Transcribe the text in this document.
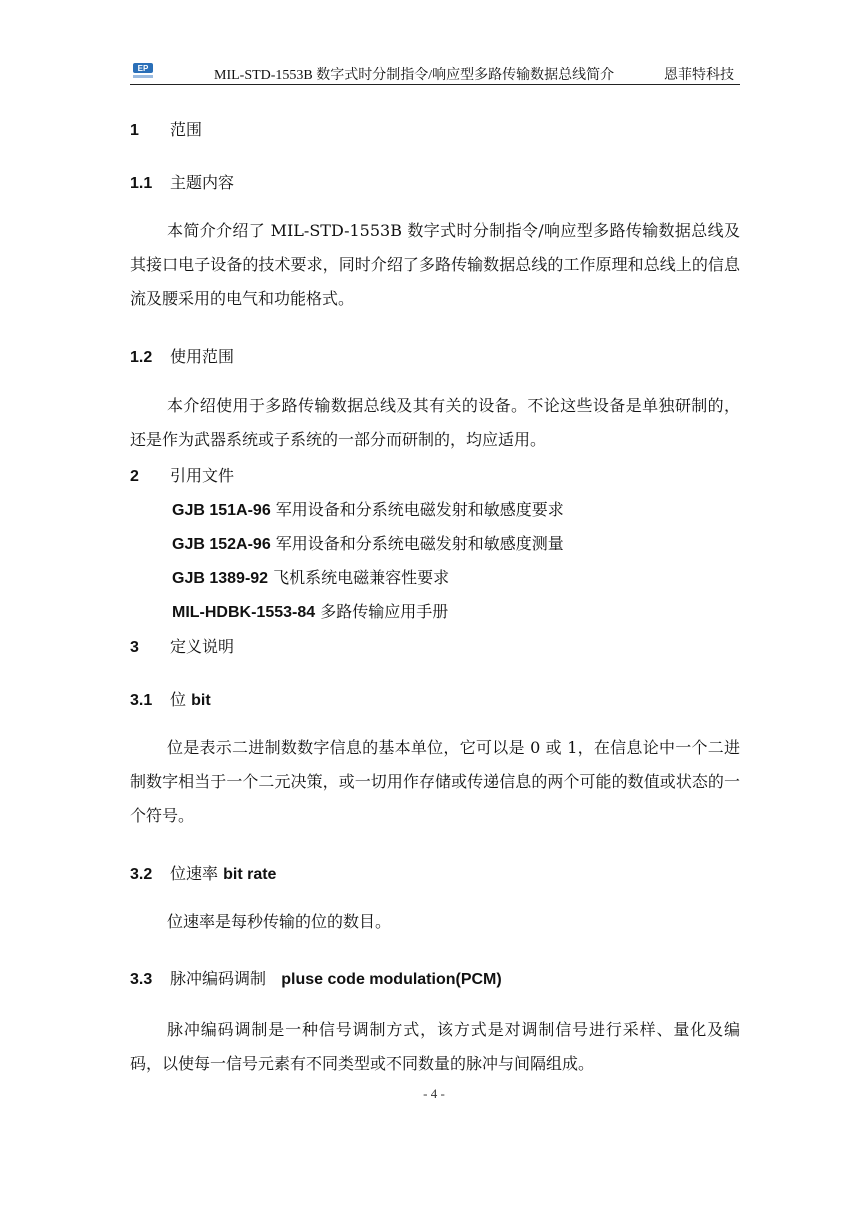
EP	MIL-STD-1553B 数字式时分制指令/响应型多路传输数据总线简介	恩菲特科技
1 范围
1.1 主题内容
本简介介绍了 MIL-STD-1553B 数字式时分制指令/响应型多路传输数据总线及其接口电子设备的技术要求，同时介绍了多路传输数据总线的工作原理和总线上的信息流及腰采用的电气和功能格式。
1.2 使用范围
本介绍使用于多路传输数据总线及其有关的设备。不论这些设备是单独研制的，还是作为武器系统或子系统的一部分而研制的，均应适用。
2 引用文件
GJB 151A-96 军用设备和分系统电磁发射和敏感度要求
GJB 152A-96 军用设备和分系统电磁发射和敏感度测量
GJB 1389-92 飞机系统电磁兼容性要求
MIL-HDBK-1553-84 多路传输应用手册
3 定义说明
3.1 位 bit
位是表示二进制数数字信息的基本单位，它可以是 0 或 1，在信息论中一个二进制数字相当于一个二元决策，或一切用作存储或传递信息的两个可能的数值或状态的一个符号。
3.2 位速率 bit rate
位速率是每秒传输的位的数目。
3.3 脉冲编码调制   pluse code modulation(PCM)
脉冲编码调制是一种信号调制方式，该方式是对调制信号进行采样、量化及编码，以使每一信号元素有不同类型或不同数量的脉冲与间隔组成。
- 4 -
